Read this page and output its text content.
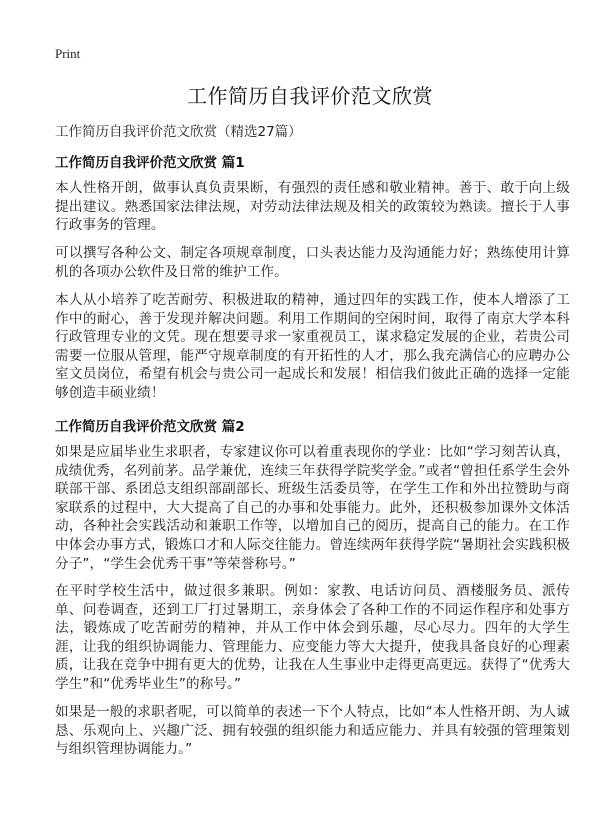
Print
工作简历自我评价范文欣赏

工作简历自我评价范文欣赏（精选27篇）

工作简历自我评价范文欣赏 篇1

本人性格开朗，做事认真负责果断，有强烈的责任感和敬业精神。善于、敢于向上级提出建议。熟悉国家法律法规，对劳动法律法规及相关的政策较为熟读。擅长于人事行政事务的管理。

可以撰写各种公文、制定各项规章制度，口头表达能力及沟通能力好；熟练使用计算机的各项办公软件及日常的维护工作。

本人从小培养了吃苦耐劳、积极进取的精神，通过四年的实践工作，使本人增添了工作中的耐心，善于发现并解决问题。利用工作期间的空闲时间，取得了南京大学本科行政管理专业的文凭。现在想要寻求一家重视员工，谋求稳定发展的企业，若贵公司需要一位服从管理，能严守规章制度的有开拓性的人才，那么我充满信心的应聘办公室文员岗位，希望有机会与贵公司一起成长和发展！相信我们彼此正确的选择一定能够创造丰硕业绩！

工作简历自我评价范文欣赏 篇2

如果是应届毕业生求职者，专家建议你可以着重表现你的学业：比如“学习刻苦认真，成绩优秀，名列前茅。品学兼优，连续三年获得学院奖学金。”或者“曾担任系学生会外联部干部、系团总支组织部副部长、班级生活委员等，在学生工作和外出拉赞助与商家联系的过程中，大大提高了自己的办事和处事能力。此外，还积极参加课外文体活动，各种社会实践活动和兼职工作等，以增加自己的阅历，提高自己的能力。在工作中体会办事方式，锻炼口才和人际交往能力。曾连续两年获得学院“暑期社会实践积极分子”，“学生会优秀干事”等荣誉称号。”

在平时学校生活中，做过很多兼职。例如：家教、电话访问员、酒楼服务员、派传单、问卷调查，还到工厂打过暑期工，亲身体会了各种工作的不同运作程序和处事方法，锻炼成了吃苦耐劳的精神，并从工作中体会到乐趣，尽心尽力。四年的大学生涯，让我的组织协调能力、管理能力、应变能力等大大提升，使我具备良好的心理素质，让我在竞争中拥有更大的优势，让我在人生事业中走得更高更远。获得了“优秀大学生”和“优秀毕业生”的称号。”

如果是一般的求职者呢，可以简单的表述一下个人特点，比如“本人性格开朗、为人诚恳、乐观向上、兴趣广泛、拥有较强的组织能力和适应能力、并具有较强的管理策划与组织管理协调能力。”
